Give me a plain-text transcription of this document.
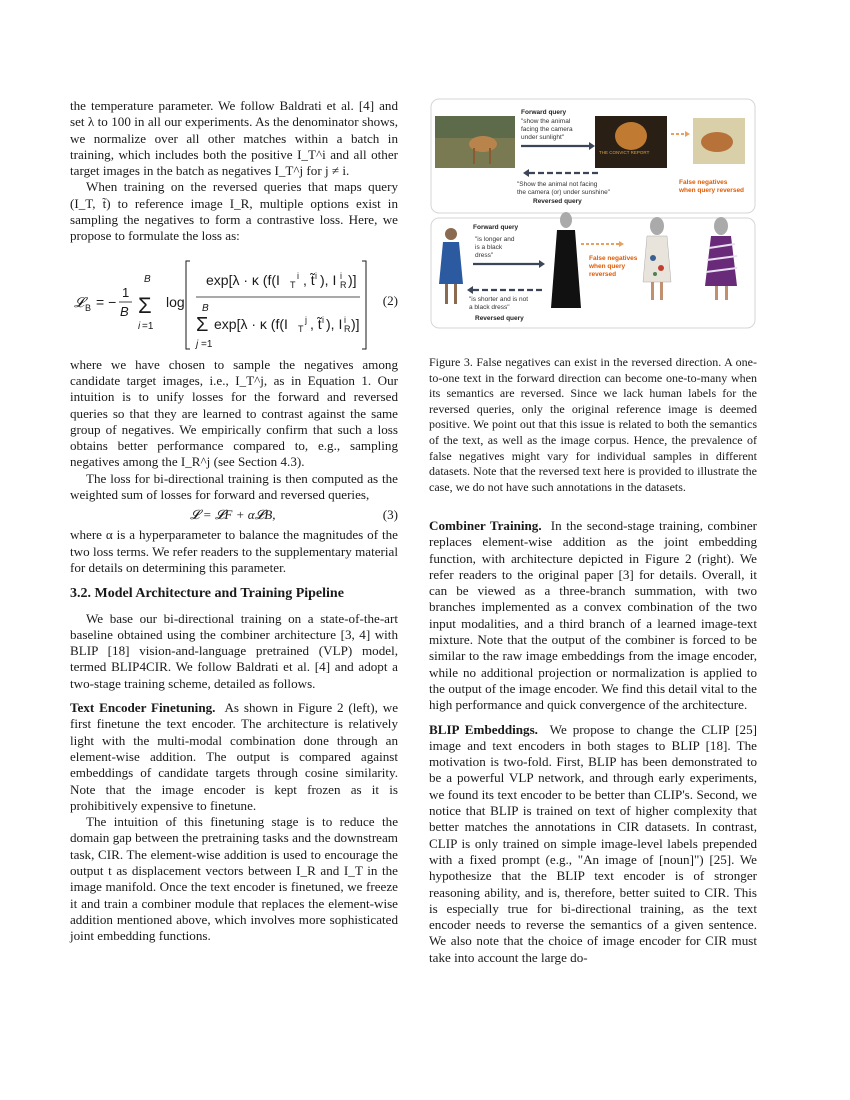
the temperature parameter. We follow Baldrati et al. [4] and set λ to 100 in all our experiments. As the denominator shows, we normalize over all other matches within a batch in training, which includes both the positive I_T^i and all other target images in the batch as negatives I_T^j for j ≠ i.

When training on the reversed queries that maps query (I_T, t̃) to reference image I_R, multiple options exist in sampling the negatives to form a contrastive loss. Here, we propose to formulate the loss as:

𝓛 B = −
1
B
B
Σ
i =1
log
exp[λ · κ (f(I T
i , t̃ i ), I R
i )]
B
Σ
j =1
exp[λ · κ (f(I T
j , t̃ i ), I R
i )]
(2)

where we have chosen to sample the negatives among candidate target images, i.e., I_T^j, as in Equation 1. Our intuition is to unify losses for the forward and reversed queries so that they are learned to contrast against the same group of negatives. We empirically confirm that such a loss obtains better performance compared to, e.g., sampling negatives among the I_R^j (see Section 4.3).

The loss for bi-directional training is then computed as the weighted sum of losses for forward and reversed queries,

𝓛 = 𝓛F + α𝓛B,	(3)

where α is a hyperparameter to balance the magnitudes of the two loss terms. We refer readers to the supplementary material for details on determining this parameter.

3.2. Model Architecture and Training Pipeline

We base our bi-directional training on a state-of-the-art baseline obtained using the combiner architecture [3, 4] with BLIP [18] vision-and-language pretrained (VLP) model, termed BLIP4CIR. We follow Baldrati et al. [4] and adopt a two-stage training scheme, detailed as follows.

Text Encoder Finetuning. As shown in Figure 2 (left), we first finetune the text encoder. The architecture is relatively light with the multi-modal combination done through an element-wise addition. The output is compared against embeddings of candidate targets through cosine similarity. Note that the image encoder is kept frozen as it is prohibitively expensive to finetune.

The intuition of this finetuning stage is to reduce the domain gap between the pretraining tasks and the downstream task, CIR. The element-wise addition is used to encourage the output t as displacement vectors between I_R and I_T in the image manifold. Once the text encoder is finetuned, we freeze it and train a combiner module that replaces the element-wise addition mentioned above, which involves more sophisticated joint embedding functions.

Forward query
"show the animal
facing the camera
under sunlight"
THE CONVICT REPORT
"Show the animal not facing
the camera (or) under sunshine"
Reversed query
False negatives
when query reversed
Forward query
"is longer and
is a black
dress"	False negatives
when query
reversed
"is shorter and is not
a black dress"
Reversed query

Figure 3. False negatives can exist in the reversed direction. A one-to-one text in the forward direction can become one-to-many when its semantics are reversed. Since we lack human labels for the reversed queries, only the original reference image is deemed positive. We point out that this issue is related to both the semantics of the text, as well as the image corpus. Hence, the prevalence of false negatives might vary for individual samples in different datasets. Note that the reversed text here is provided to illustrate the case, we do not have such annotations in the datasets.

Combiner Training. In the second-stage training, combiner replaces element-wise addition as the joint embedding function, with architecture depicted in Figure 2 (right). We refer readers to the original paper [3] for details. Overall, it can be viewed as a three-branch summation, with two branches implemented as a convex combination of the two input modalities, and a third branch of a learned image-text mixture. Note that the output of the combiner is forced to be similar to the raw image embeddings from the image encoder, while no additional projection or normalization is applied to the output of the image encoder. We find this detail vital to the high performance and quick convergence of the architecture.

BLIP Embeddings. We propose to change the CLIP [25] image and text encoders in both stages to BLIP [18]. The motivation is two-fold. First, BLIP has been demonstrated to be a powerful VLP network, and through early experiments, we found its text encoder to be better than CLIP's. Second, we notice that BLIP is trained on text of higher complexity that better matches the annotations in CIR datasets. In contrast, CLIP is only trained on simple image-level labels prepended with a fixed prompt (e.g., "An image of [noun]") [25]. We hypothesize that the BLIP text encoder is of stronger reasoning ability, and is, therefore, better suited to CIR. This is especially true for bi-directional training, as the text encoder needs to reverse the semantics of a given sentence. We also note that the choice of image encoder for CIR must take into account the large do-
